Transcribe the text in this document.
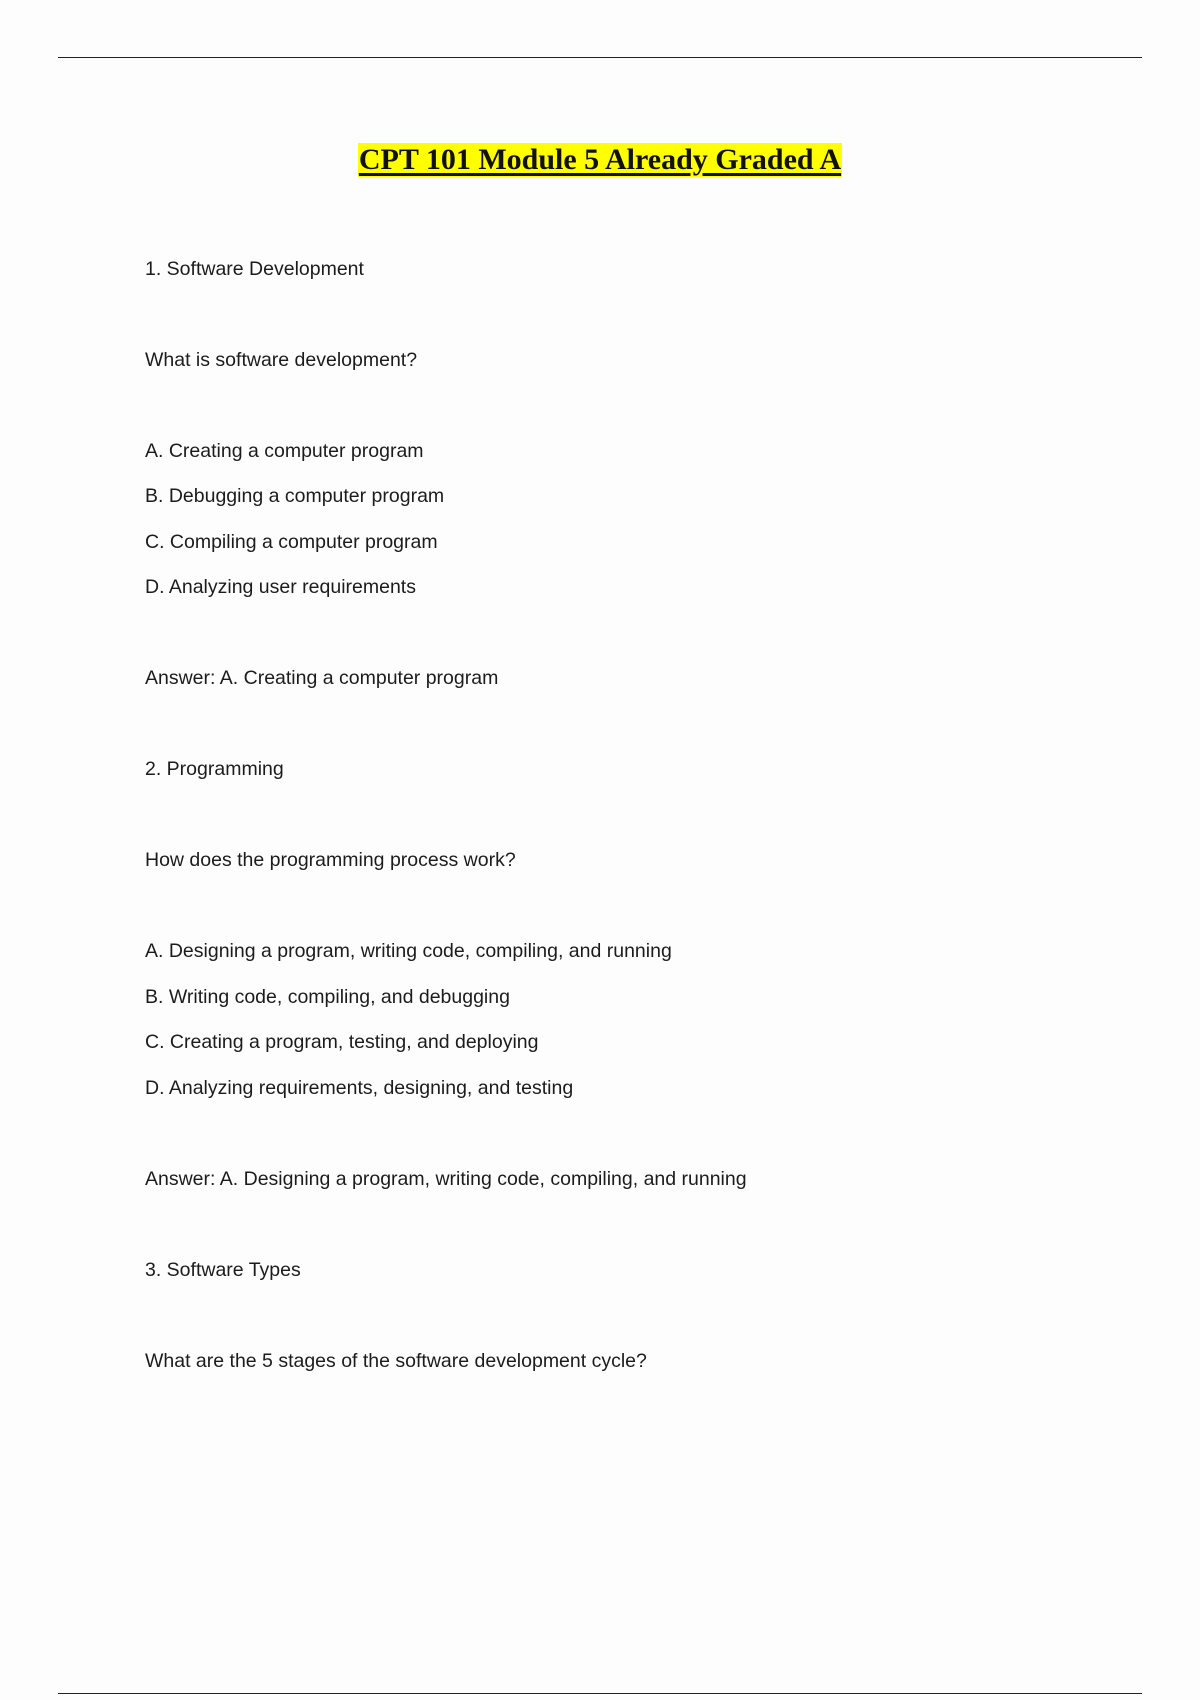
CPT 101 Module 5 Already Graded A
1. Software Development
What is software development?
A. Creating a computer program
B. Debugging a computer program
C. Compiling a computer program
D. Analyzing user requirements
Answer: A. Creating a computer program
2. Programming
How does the programming process work?
A. Designing a program, writing code, compiling, and running
B. Writing code, compiling, and debugging
C. Creating a program, testing, and deploying
D. Analyzing requirements, designing, and testing
Answer: A. Designing a program, writing code, compiling, and running
3. Software Types
What are the 5 stages of the software development cycle?
